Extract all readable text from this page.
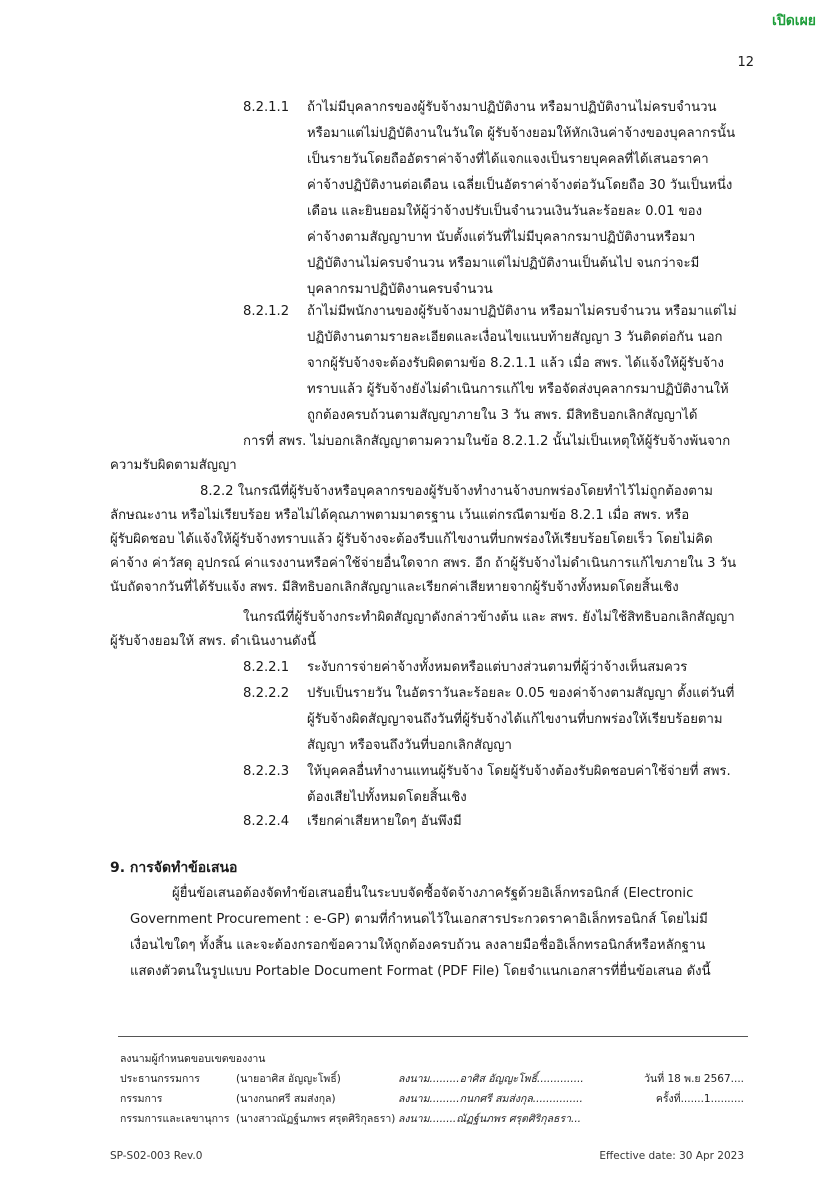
เปิดเผย
12
8.2.1.1 ถ้าไม่มีบุคลากรของผู้รับจ้างมาปฏิบัติงาน หรือมาปฏิบัติงานไม่ครบจำนวน
หรือมาแต่ไม่ปฏิบัติงานในวันใด ผู้รับจ้างยอมให้หักเงินค่าจ้างของบุคลากรนั้น
เป็นรายวันโดยถืออัตราค่าจ้างที่ได้แจกแจงเป็นรายบุคคลที่ได้เสนอราคา
ค่าจ้างปฏิบัติงานต่อเดือน เฉลี่ยเป็นอัตราค่าจ้างต่อวันโดยถือ 30 วันเป็นหนึ่ง
เดือน และยินยอมให้ผู้ว่าจ้างปรับเป็นจำนวนเงินวันละร้อยละ 0.01 ของ
ค่าจ้างตามสัญญาบาท นับตั้งแต่วันที่ไม่มีบุคลากรมาปฏิบัติงานหรือมา
ปฏิบัติงานไม่ครบจำนวน หรือมาแต่ไม่ปฏิบัติงานเป็นต้นไป จนกว่าจะมี
บุคลากรมาปฏิบัติงานครบจำนวน
8.2.1.2 ถ้าไม่มีพนักงานของผู้รับจ้างมาปฏิบัติงาน หรือมาไม่ครบจำนวน หรือมาแต่ไม่
ปฏิบัติงานตามรายละเอียดและเงื่อนไขแนบท้ายสัญญา 3 วันติดต่อกัน นอก
จากผู้รับจ้างจะต้องรับผิดตามข้อ 8.2.1.1 แล้ว เมื่อ สพร. ได้แจ้งให้ผู้รับจ้าง
ทราบแล้ว ผู้รับจ้างยังไม่ดำเนินการแก้ไข หรือจัดส่งบุคลากรมาปฏิบัติงานให้
ถูกต้องครบถ้วนตามสัญญาภายใน 3 วัน สพร. มีสิทธิบอกเลิกสัญญาได้
การที่ สพร. ไม่บอกเลิกสัญญาตามความในข้อ 8.2.1.2 นั้นไม่เป็นเหตุให้ผู้รับจ้างพ้นจาก
ความรับผิดตามสัญญา
8.2.2 ในกรณีที่ผู้รับจ้างหรือบุคลากรของผู้รับจ้างทำงานจ้างบกพร่องโดยทำไว้ไม่ถูกต้องตาม
ลักษณะงาน หรือไม่เรียบร้อย หรือไม่ได้คุณภาพตามมาตรฐาน เว้นแต่กรณีตามข้อ 8.2.1 เมื่อ สพร. หรือ
ผู้รับผิดชอบ ได้แจ้งให้ผู้รับจ้างทราบแล้ว ผู้รับจ้างจะต้องรีบแก้ไขงานที่บกพร่องให้เรียบร้อยโดยเร็ว โดยไม่คิด
ค่าจ้าง ค่าวัสดุ อุปกรณ์ ค่าแรงงานหรือค่าใช้จ่ายอื่นใดจาก สพร. อีก ถ้าผู้รับจ้างไม่ดำเนินการแก้ไขภายใน 3 วัน
นับถัดจากวันที่ได้รับแจ้ง สพร. มีสิทธิบอกเลิกสัญญาและเรียกค่าเสียหายจากผู้รับจ้างทั้งหมดโดยสิ้นเชิง
ในกรณีที่ผู้รับจ้างกระทำผิดสัญญาดังกล่าวข้างต้น และ สพร. ยังไม่ใช้สิทธิบอกเลิกสัญญา
ผู้รับจ้างยอมให้ สพร. ดำเนินงานดังนี้
8.2.2.1 ระงับการจ่ายค่าจ้างทั้งหมดหรือแต่บางส่วนตามที่ผู้ว่าจ้างเห็นสมควร
8.2.2.2 ปรับเป็นรายวัน ในอัตราวันละร้อยละ 0.05 ของค่าจ้างตามสัญญา ตั้งแต่วันที่
ผู้รับจ้างผิดสัญญาจนถึงวันที่ผู้รับจ้างได้แก้ไขงานที่บกพร่องให้เรียบร้อยตาม
สัญญา หรือจนถึงวันที่บอกเลิกสัญญา
8.2.2.3 ให้บุคคลอื่นทำงานแทนผู้รับจ้าง โดยผู้รับจ้างต้องรับผิดชอบค่าใช้จ่ายที่ สพร.
ต้องเสียไปทั้งหมดโดยสิ้นเชิง
8.2.2.4 เรียกค่าเสียหายใดๆ อันพึงมี
9. การจัดทำข้อเสนอ
ผู้ยื่นข้อเสนอต้องจัดทำข้อเสนอยื่นในระบบจัดซื้อจัดจ้างภาครัฐด้วยอิเล็กทรอนิกส์ (Electronic
Government Procurement : e-GP) ตามที่กำหนดไว้ในเอกสารประกวดราคาอิเล็กทรอนิกส์ โดยไม่มี
เงื่อนไขใดๆ ทั้งสิ้น และจะต้องกรอกข้อความให้ถูกต้องครบถ้วน ลงลายมือชื่ออิเล็กทรอนิกส์หรือหลักฐาน
แสดงตัวตนในรูปแบบ Portable Document Format (PDF File) โดยจำแนกเอกสารที่ยื่นข้อเสนอ ดังนี้
ลงนามผู้กำหนดขอบเขตของงาน
ประธานกรรมการ	(นายอาศิส อัญญะโพธิ์)	ลงนาม.........อาศิส อัญญะโพธิ์..............	วันที่ 18 พ.ย 2567....
กรรมการ	(นางกนกศรี สมส่งกุล)	ลงนาม.........กนกศรี สมส่งกุล...............	ครั้งที่.......1..........
กรรมการและเลขานุการ (นางสาวณัฏฐ์นภพร ศรุตศิริกุลธรา) ลงนาม........ณัฏฐ์นภพร ศรุตศิริกุลธรา...
SP-S02-003 Rev.0	Effective date: 30 Apr 2023
